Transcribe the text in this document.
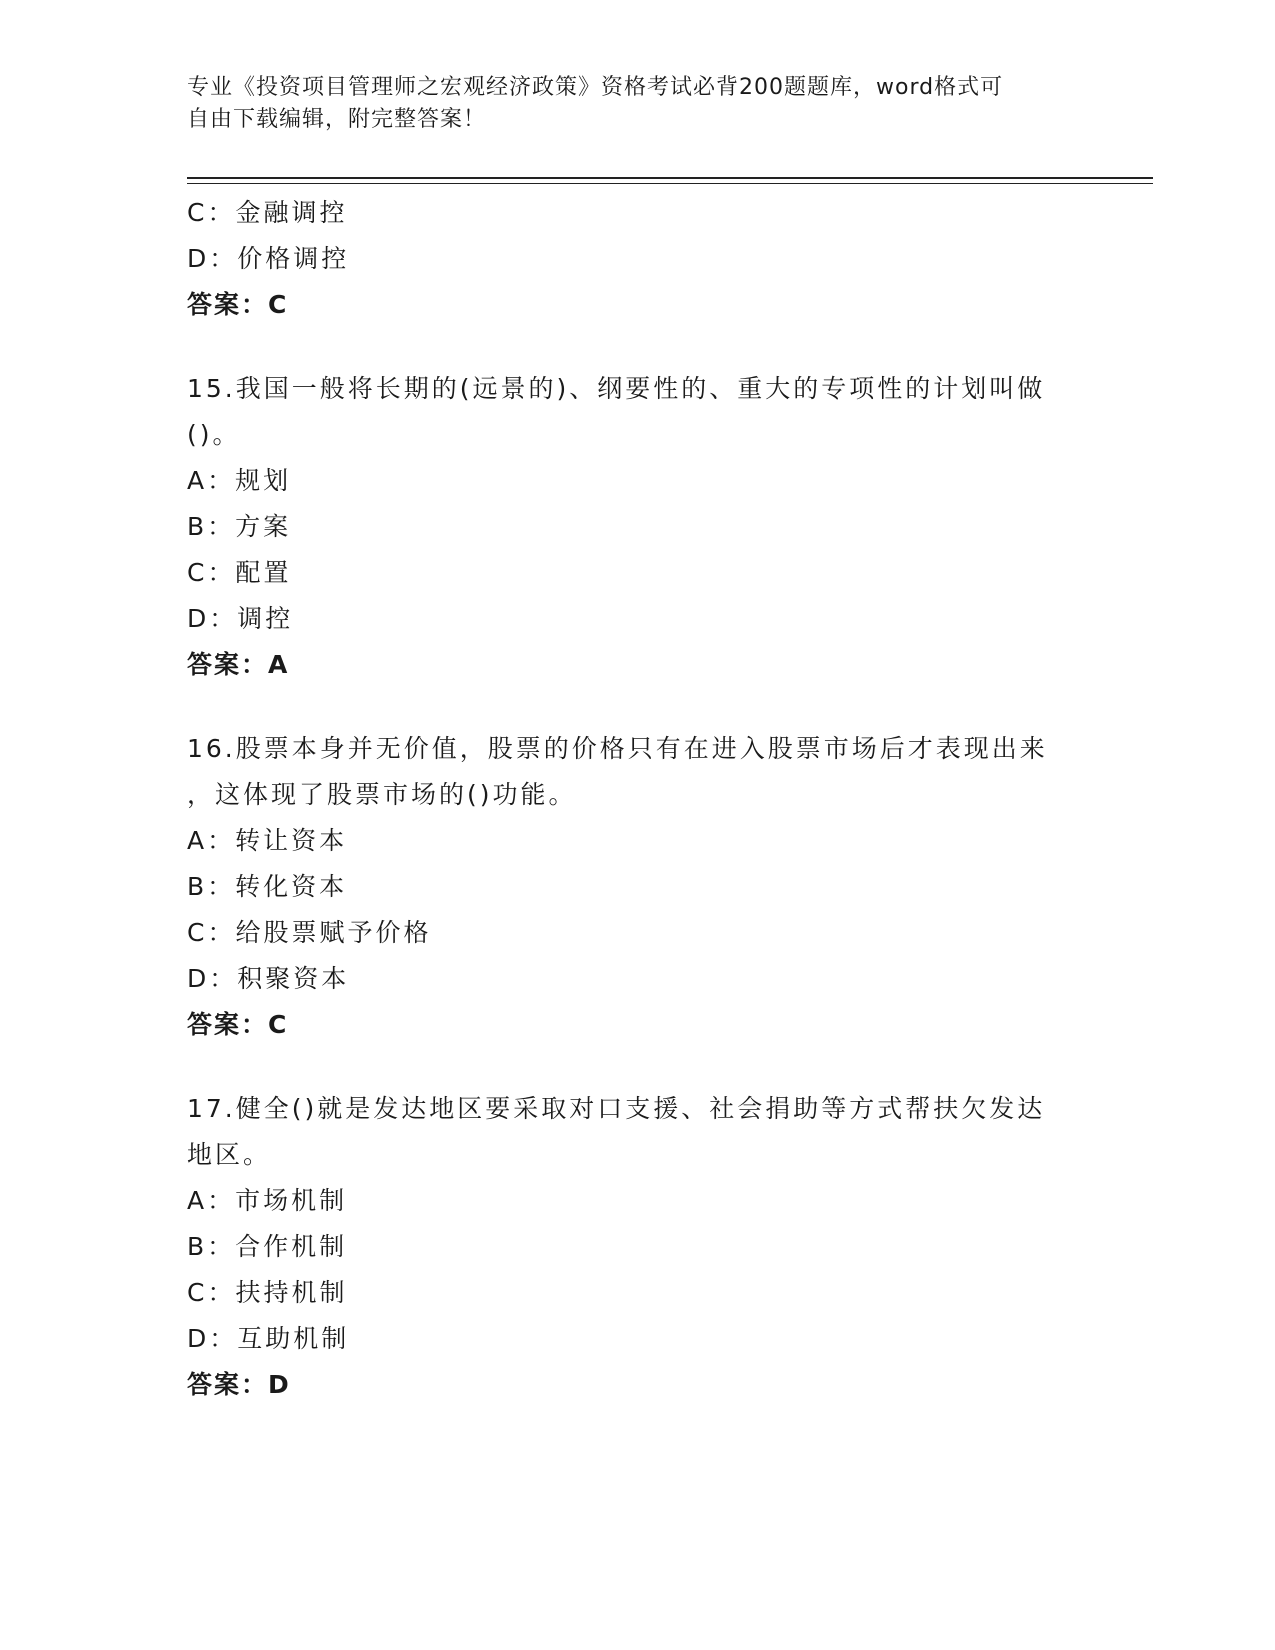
专业《投资项目管理师之宏观经济政策》资格考试必背200题题库，word格式可
自由下载编辑，附完整答案！
C：金融调控
D：价格调控
答案：C
15.我国一般将长期的(远景的)、纲要性的、重大的专项性的计划叫做
()。
A：规划
B：方案
C：配置
D：调控
答案：A
16.股票本身并无价值，股票的价格只有在进入股票市场后才表现出来
，这体现了股票市场的()功能。
A：转让资本
B：转化资本
C：给股票赋予价格
D：积聚资本
答案：C
17.健全()就是发达地区要采取对口支援、社会捐助等方式帮扶欠发达
地区。
A：市场机制
B：合作机制
C：扶持机制
D：互助机制
答案：D
